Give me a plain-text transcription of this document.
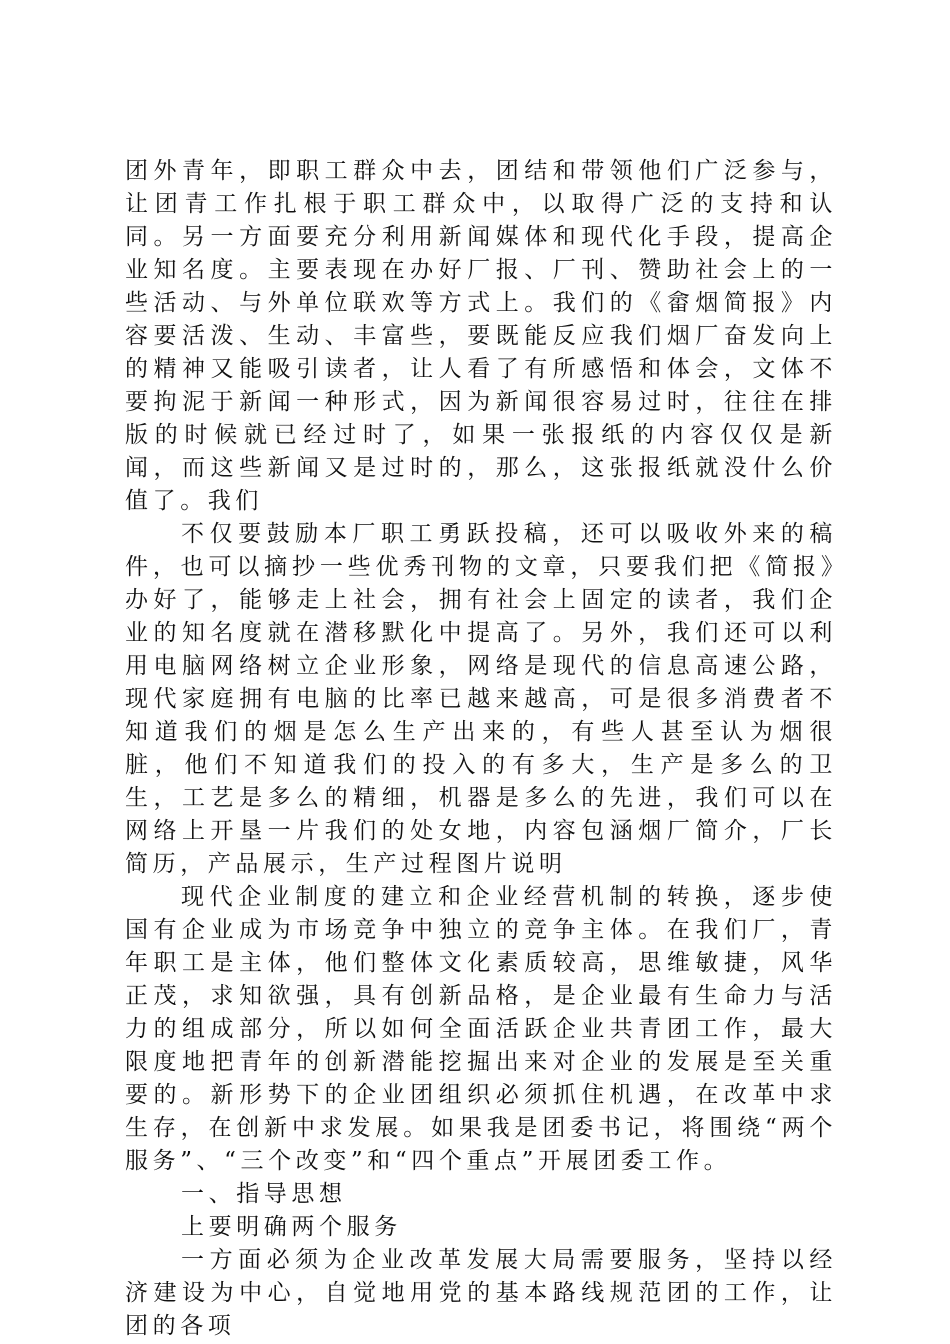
团外青年，即职工群众中去，团结和带领他们广泛参与，让团青工作扎根于职工群众中，以取得广泛的支持和认同。另一方面要充分利用新闻媒体和现代化手段，提高企业知名度。主要表现在办好厂报、厂刊、赞助社会上的一些活动、与外单位联欢等方式上。我们的《畲烟简报》内容要活泼、生动、丰富些，要既能反应我们烟厂奋发向上的精神又能吸引读者，让人看了有所感悟和体会，文体不要拘泥于新闻一种形式，因为新闻很容易过时，往往在排版的时候就已经过时了，如果一张报纸的内容仅仅是新闻，而这些新闻又是过时的，那么，这张报纸就没什么价值了。我们

不仅要鼓励本厂职工勇跃投稿，还可以吸收外来的稿件，也可以摘抄一些优秀刊物的文章，只要我们把《简报》办好了，能够走上社会，拥有社会上固定的读者，我们企业的知名度就在潜移默化中提高了。另外，我们还可以利用电脑网络树立企业形象，网络是现代的信息高速公路，现代家庭拥有电脑的比率已越来越高，可是很多消费者不知道我们的烟是怎么生产出来的，有些人甚至认为烟很脏，他们不知道我们的投入的有多大，生产是多么的卫生，工艺是多么的精细，机器是多么的先进，我们可以在网络上开垦一片我们的处女地，内容包涵烟厂简介，厂长简历，产品展示，生产过程图片说明

现代企业制度的建立和企业经营机制的转换，逐步使国有企业成为市场竞争中独立的竞争主体。在我们厂，青年职工是主体，他们整体文化素质较高，思维敏捷，风华正茂，求知欲强，具有创新品格，是企业最有生命力与活力的组成部分，所以如何全面活跃企业共青团工作，最大限度地把青年的创新潜能挖掘出来对企业的发展是至关重要的。新形势下的企业团组织必须抓住机遇，在改革中求生存，在创新中求发展。如果我是团委书记，将围绕“两个服务”、“三个改变”和“四个重点”开展团委工作。

一、指导思想

上要明确两个服务

一方面必须为企业改革发展大局需要服务，坚持以经济建设为中心，自觉地用党的基本路线规范团的工作，让团的各项
